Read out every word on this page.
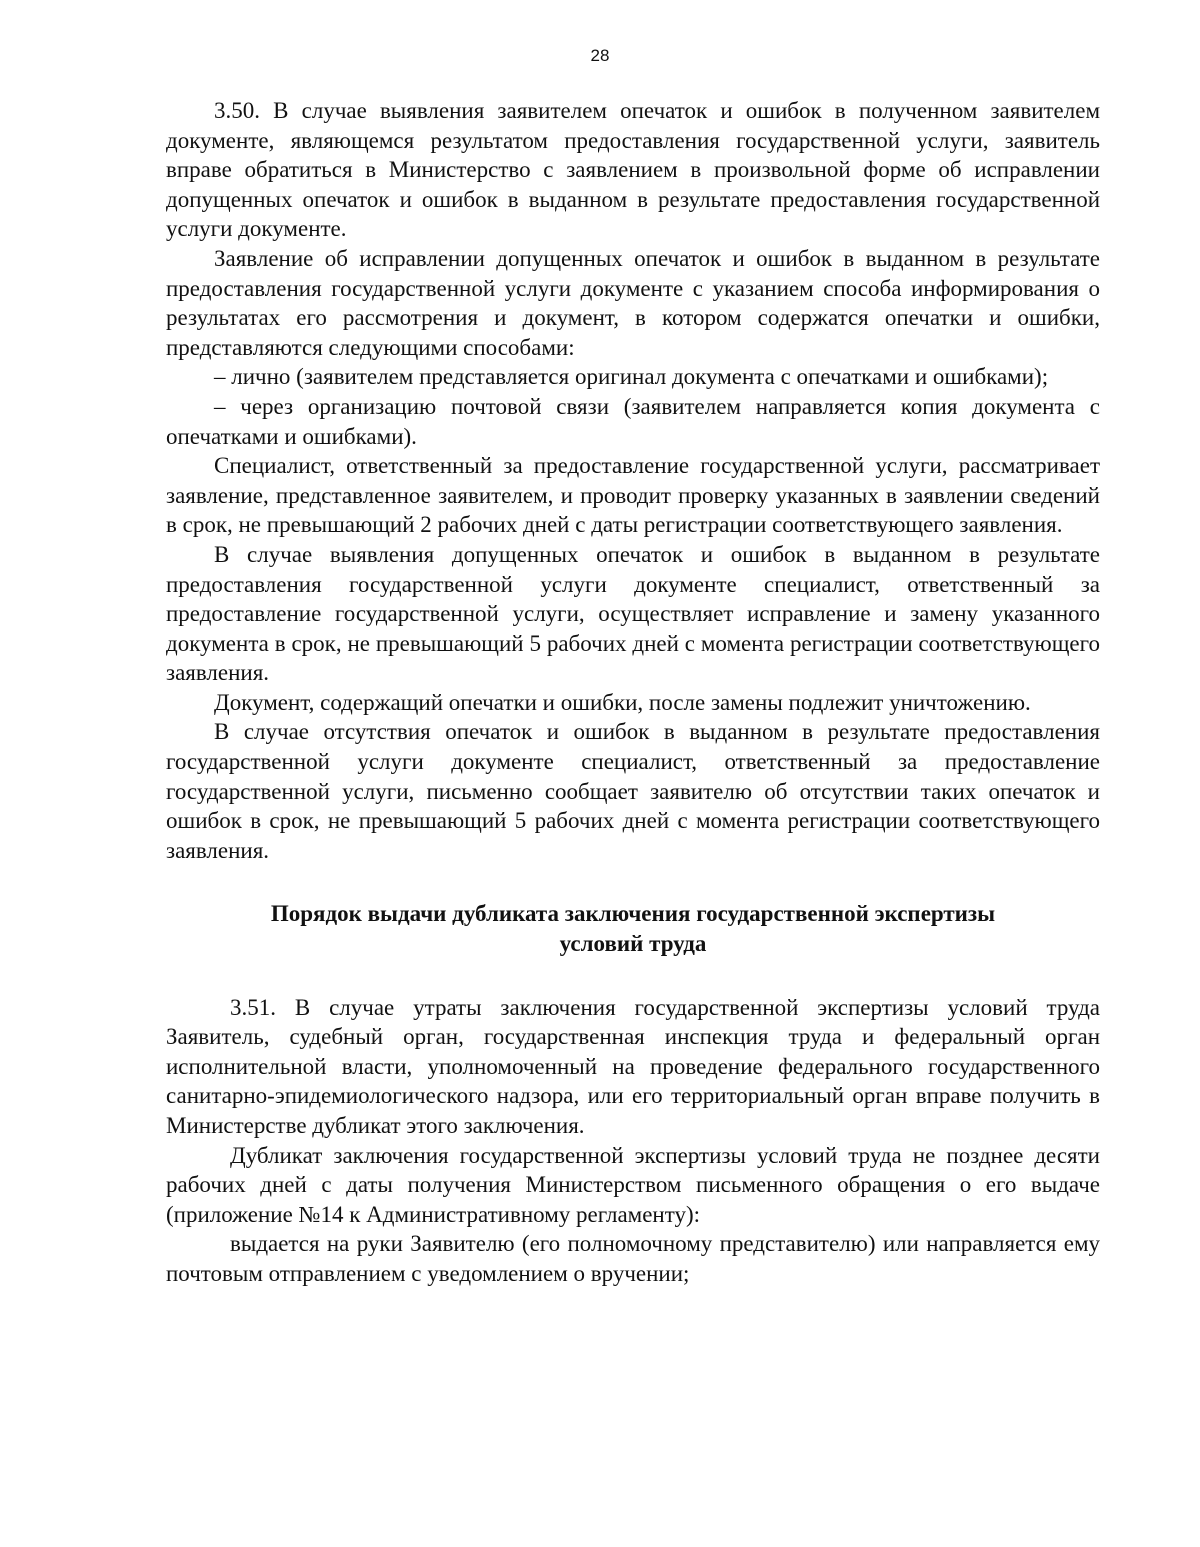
28

3.50. В случае выявления заявителем опечаток и ошибок в полученном заявителем документе, являющемся результатом предоставления государственной услуги, заявитель вправе обратиться в Министерство с заявлением в произвольной форме об исправлении допущенных опечаток и ошибок в выданном в результате предоставления государственной услуги документе.

Заявление об исправлении допущенных опечаток и ошибок в выданном в результате предоставления государственной услуги документе с указанием способа информирования о результатах его рассмотрения и документ, в котором содержатся опечатки и ошибки, представляются следующими способами:

– лично (заявителем представляется оригинал документа с опечатками и ошибками);

– через организацию почтовой связи (заявителем направляется копия документа с опечатками и ошибками).

Специалист, ответственный за предоставление государственной услуги, рассматривает заявление, представленное заявителем, и проводит проверку указанных в заявлении сведений в срок, не превышающий 2 рабочих дней с даты регистрации соответствующего заявления.

В случае выявления допущенных опечаток и ошибок в выданном в результате предоставления государственной услуги документе специалист, ответственный за предоставление государственной услуги, осуществляет исправление и замену указанного документа в срок, не превышающий 5 рабочих дней с момента регистрации соответствующего заявления.

Документ, содержащий опечатки и ошибки, после замены подлежит уничтожению.

В случае отсутствия опечаток и ошибок в выданном в результате предоставления государственной услуги документе специалист, ответственный за предоставление государственной услуги, письменно сообщает заявителю об отсутствии таких опечаток и ошибок в срок, не превышающий 5 рабочих дней с момента регистрации соответствующего заявления.

Порядок выдачи дубликата заключения государственной экспертизы
условий труда

3.51. В случае утраты заключения государственной экспертизы условий труда Заявитель, судебный орган, государственная инспекция труда и федеральный орган исполнительной власти, уполномоченный на проведение федерального государственного санитарно-эпидемиологического надзора, или его территориальный орган вправе получить в Министерстве дубликат этого заключения.

Дубликат заключения государственной экспертизы условий труда не позднее десяти рабочих дней с даты получения Министерством письменного обращения о его выдаче (приложение №14 к Административному регламенту):

выдается на руки Заявителю (его полномочному представителю) или направляется ему почтовым отправлением с уведомлением о вручении;
